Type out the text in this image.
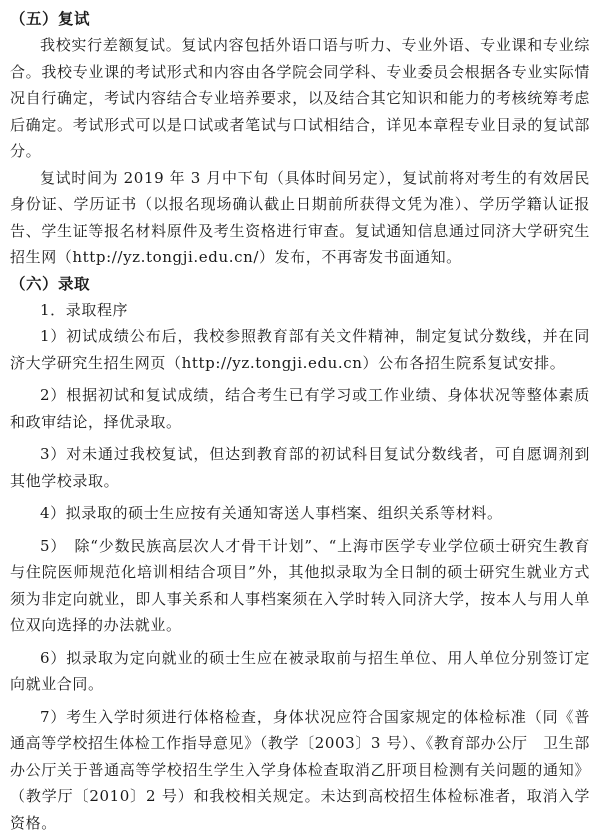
（五）复试

我校实行差额复试。复试内容包括外语口语与听力、专业外语、专业课和专业综合。我校专业课的考试形式和内容由各学院会同学科、专业委员会根据各专业实际情况自行确定，考试内容结合专业培养要求，以及结合其它知识和能力的考核统筹考虑后确定。考试形式可以是口试或者笔试与口试相结合，详见本章程专业目录的复试部分。

复试时间为 2019 年 3 月中下旬（具体时间另定），复试前将对考生的有效居民身份证、学历证书（以报名现场确认截止日期前所获得文凭为准）、学历学籍认证报告、学生证等报名材料原件及考生资格进行审查。复试通知信息通过同济大学研究生招生网（http://yz.tongji.edu.cn/）发布，不再寄发书面通知。

（六）录取

1．录取程序

1）初试成绩公布后，我校参照教育部有关文件精神，制定复试分数线，并在同济大学研究生招生网页（http://yz.tongji.edu.cn）公布各招生院系复试安排。

2）根据初试和复试成绩，结合考生已有学习或工作业绩、身体状况等整体素质和政审结论，择优录取。

3）对未通过我校复试，但达到教育部的初试科目复试分数线者，可自愿调剂到其他学校录取。

4）拟录取的硕士生应按有关通知寄送人事档案、组织关系等材料。

5）　除“少数民族高层次人才骨干计划”、“上海市医学专业学位硕士研究生教育与住院医师规范化培训相结合项目”外，其他拟录取为全日制的硕士研究生就业方式须为非定向就业，即人事关系和人事档案须在入学时转入同济大学，按本人与用人单位双向选择的办法就业。

6）拟录取为定向就业的硕士生应在被录取前与招生单位、用人单位分别签订定向就业合同。

7）考生入学时须进行体格检查，身体状况应符合国家规定的体检标准（同《普通高等学校招生体检工作指导意见》（教学〔2003〕3 号）、《教育部办公厅　卫生部办公厅关于普通高等学校招生学生入学身体检查取消乙肝项目检测有关问题的通知》（教学厅〔2010〕2 号）和我校相关规定。未达到高校招生体检标准者，取消入学资格。
